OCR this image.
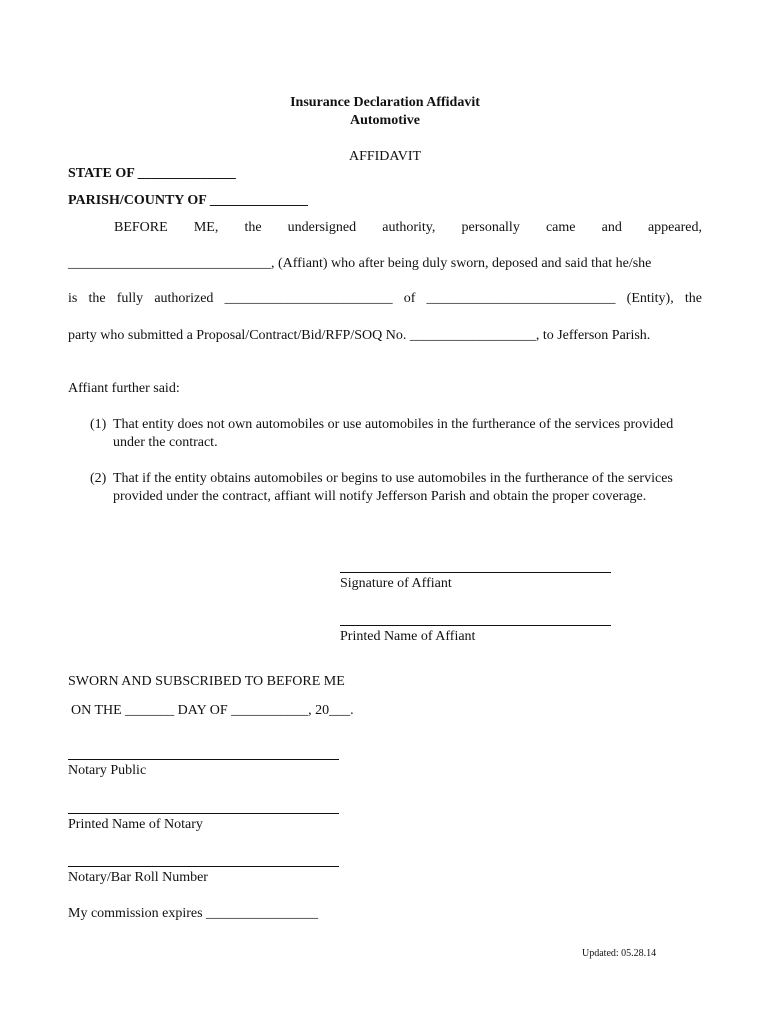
Insurance Declaration Affidavit
Automotive
AFFIDAVIT
STATE OF ______________
PARISH/COUNTY OF ______________
BEFORE ME, the undersigned authority, personally came and appeared,
_____________________________, (Affiant) who after being duly sworn, deposed and said that he/she
is the fully authorized ________________________ of ___________________________ (Entity), the
party who submitted a Proposal/Contract/Bid/RFP/SOQ No. __________________, to Jefferson Parish.
Affiant further said:
(1) That entity does not own automobiles or use automobiles in the furtherance of the services provided under the contract.
(2) That if the entity obtains automobiles or begins to use automobiles in the furtherance of the services provided under the contract, affiant will notify Jefferson Parish and obtain the proper coverage.
Signature of Affiant
Printed Name of Affiant
SWORN AND SUBSCRIBED TO BEFORE ME
ON THE _______ DAY OF ___________, 20___.
Notary Public
Printed Name of Notary
Notary/Bar Roll Number
My commission expires ________________
Updated: 05.28.14
